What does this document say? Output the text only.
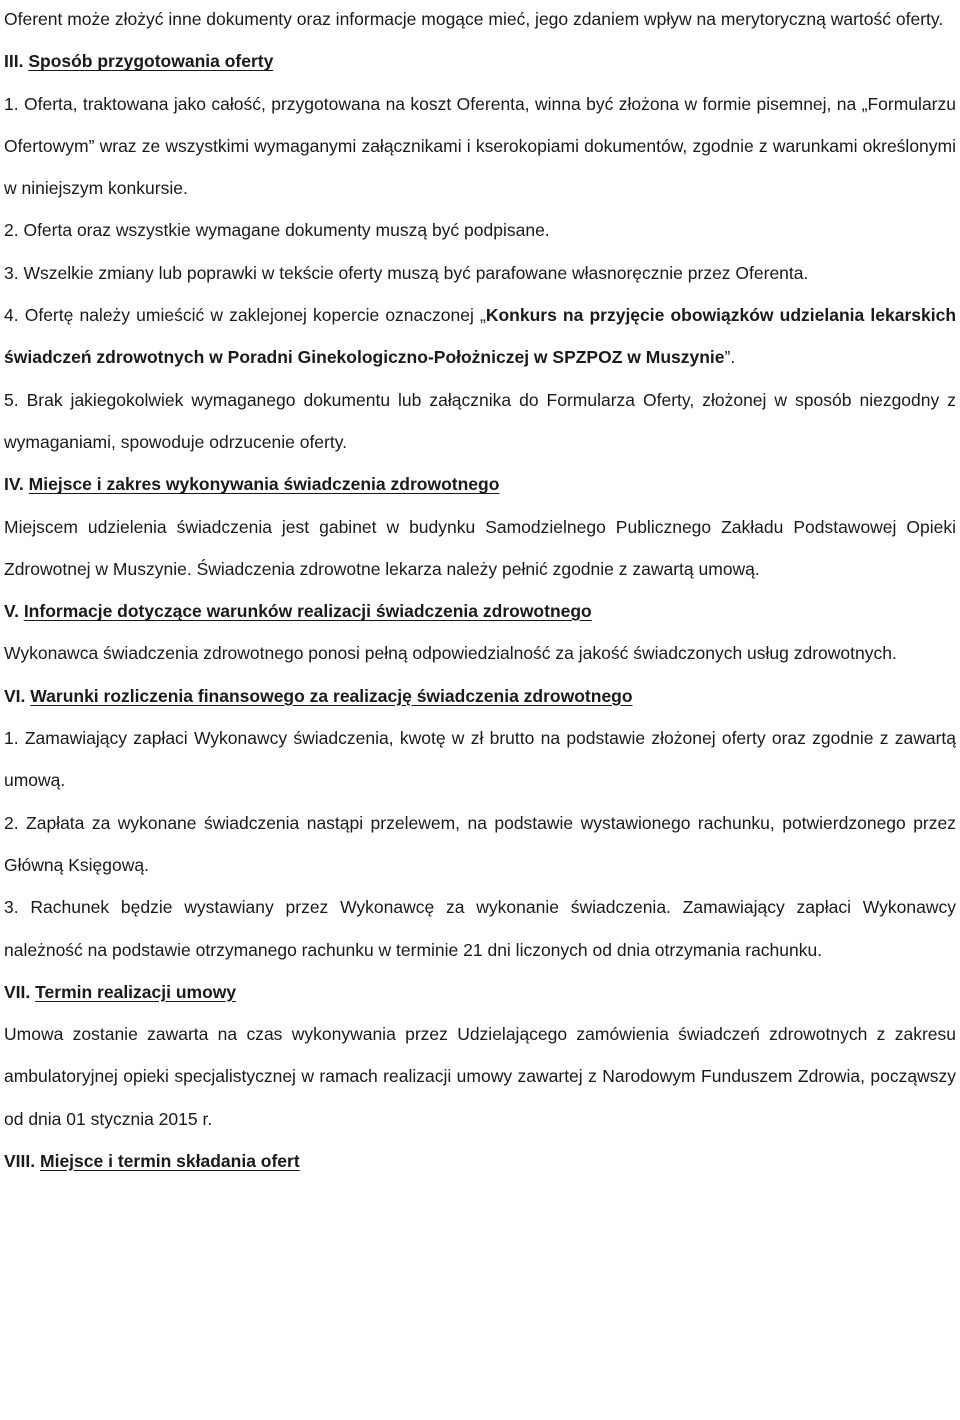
Oferent może złożyć inne dokumenty oraz informacje mogące mieć, jego zdaniem wpływ na merytoryczną wartość oferty.

III. Sposób przygotowania oferty

1. Oferta, traktowana jako całość, przygotowana na koszt Oferenta, winna być złożona w formie pisemnej, na „Formularzu Ofertowym” wraz ze wszystkimi wymaganymi załącznikami i kserokopiami dokumentów, zgodnie z warunkami określonymi w niniejszym konkursie.

2. Oferta oraz wszystkie wymagane dokumenty muszą być podpisane.

3. Wszelkie zmiany lub poprawki w tekście oferty muszą być parafowane własnoręcznie przez Oferenta.

4. Ofertę należy umieścić w zaklejonej kopercie oznaczonej „Konkurs na przyjęcie obowiązków udzielania lekarskich świadczeń zdrowotnych w Poradni Ginekologiczno-Położniczej w SPZPOZ w Muszynie”.

5. Brak jakiegokolwiek wymaganego dokumentu lub załącznika do Formularza Oferty, złożonej w sposób niezgodny z wymaganiami, spowoduje odrzucenie oferty.

IV. Miejsce i zakres wykonywania świadczenia zdrowotnego

Miejscem udzielenia świadczenia jest gabinet w budynku Samodzielnego Publicznego Zakładu Podstawowej Opieki Zdrowotnej w Muszynie. Świadczenia zdrowotne lekarza należy pełnić zgodnie z zawartą umową.

V. Informacje dotyczące warunków realizacji świadczenia zdrowotnego

Wykonawca świadczenia zdrowotnego ponosi pełną odpowiedzialność za jakość świadczonych usług zdrowotnych.

VI. Warunki rozliczenia finansowego za realizację świadczenia zdrowotnego

1. Zamawiający zapłaci Wykonawcy świadczenia, kwotę w zł brutto na podstawie złożonej oferty oraz zgodnie z zawartą umową.

2. Zapłata za wykonane świadczenia nastąpi przelewem, na podstawie wystawionego rachunku, potwierdzonego przez Główną Księgową.

3. Rachunek będzie wystawiany przez Wykonawcę za wykonanie świadczenia. Zamawiający zapłaci Wykonawcy należność na podstawie otrzymanego rachunku w terminie 21 dni liczonych od dnia otrzymania rachunku.

VII. Termin realizacji umowy

Umowa zostanie zawarta na czas wykonywania przez Udzielającego zamówienia świadczeń zdrowotnych z zakresu ambulatoryjnej opieki specjalistycznej w ramach realizacji umowy zawartej z Narodowym Funduszem Zdrowia, począwszy od dnia 01 stycznia 2015 r.

VIII. Miejsce i termin składania ofert
